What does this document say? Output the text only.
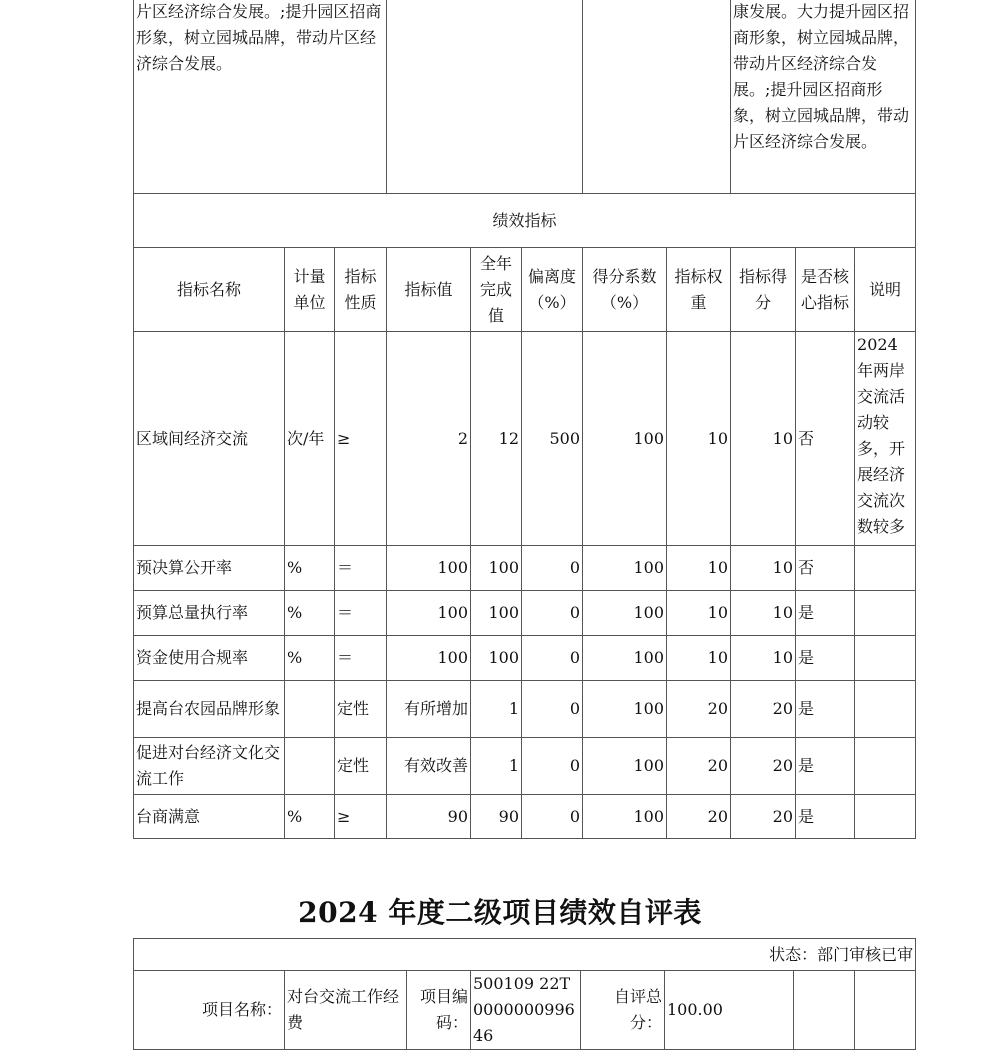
片区经济综合发展。;提升园区招商形象，树立园城品牌，带动片区经济综合发展。								康发展。大力提升园区招商形象，树立园城品牌，带动片区经济综合发展。;提升园区招商形象，树立园城品牌，带动片区经济综合发展。		
绩效指标										
指标名称	计量单位	指标性质	指标值	全年完成值	偏离度（%）	得分系数（%）	指标权重	指标得分	是否核心指标	说明
区域间经济交流	次/年	≥	2	12	500	100	10	10	否	2024年两岸交流活动较多，开展经济交流次数较多
预决算公开率	%	＝	100	100	0	100	10	10	否	
预算总量执行率	%	＝	100	100	0	100	10	10	是	
资金使用合规率	%	＝	100	100	0	100	10	10	是	
提高台农园品牌形象		定性	有所增加	1	0	100	20	20	是	
促进对台经济文化交流工作		定性	有效改善	1	0	100	20	20	是	
台商满意	%	≥	90	90	0	100	20	20	是	
2024 年度二级项目绩效自评表
状态：部门审核已审
项目名称：	对台交流工作经费	项目编码：	500109 22T000000099646	自评总分：	100.00		
